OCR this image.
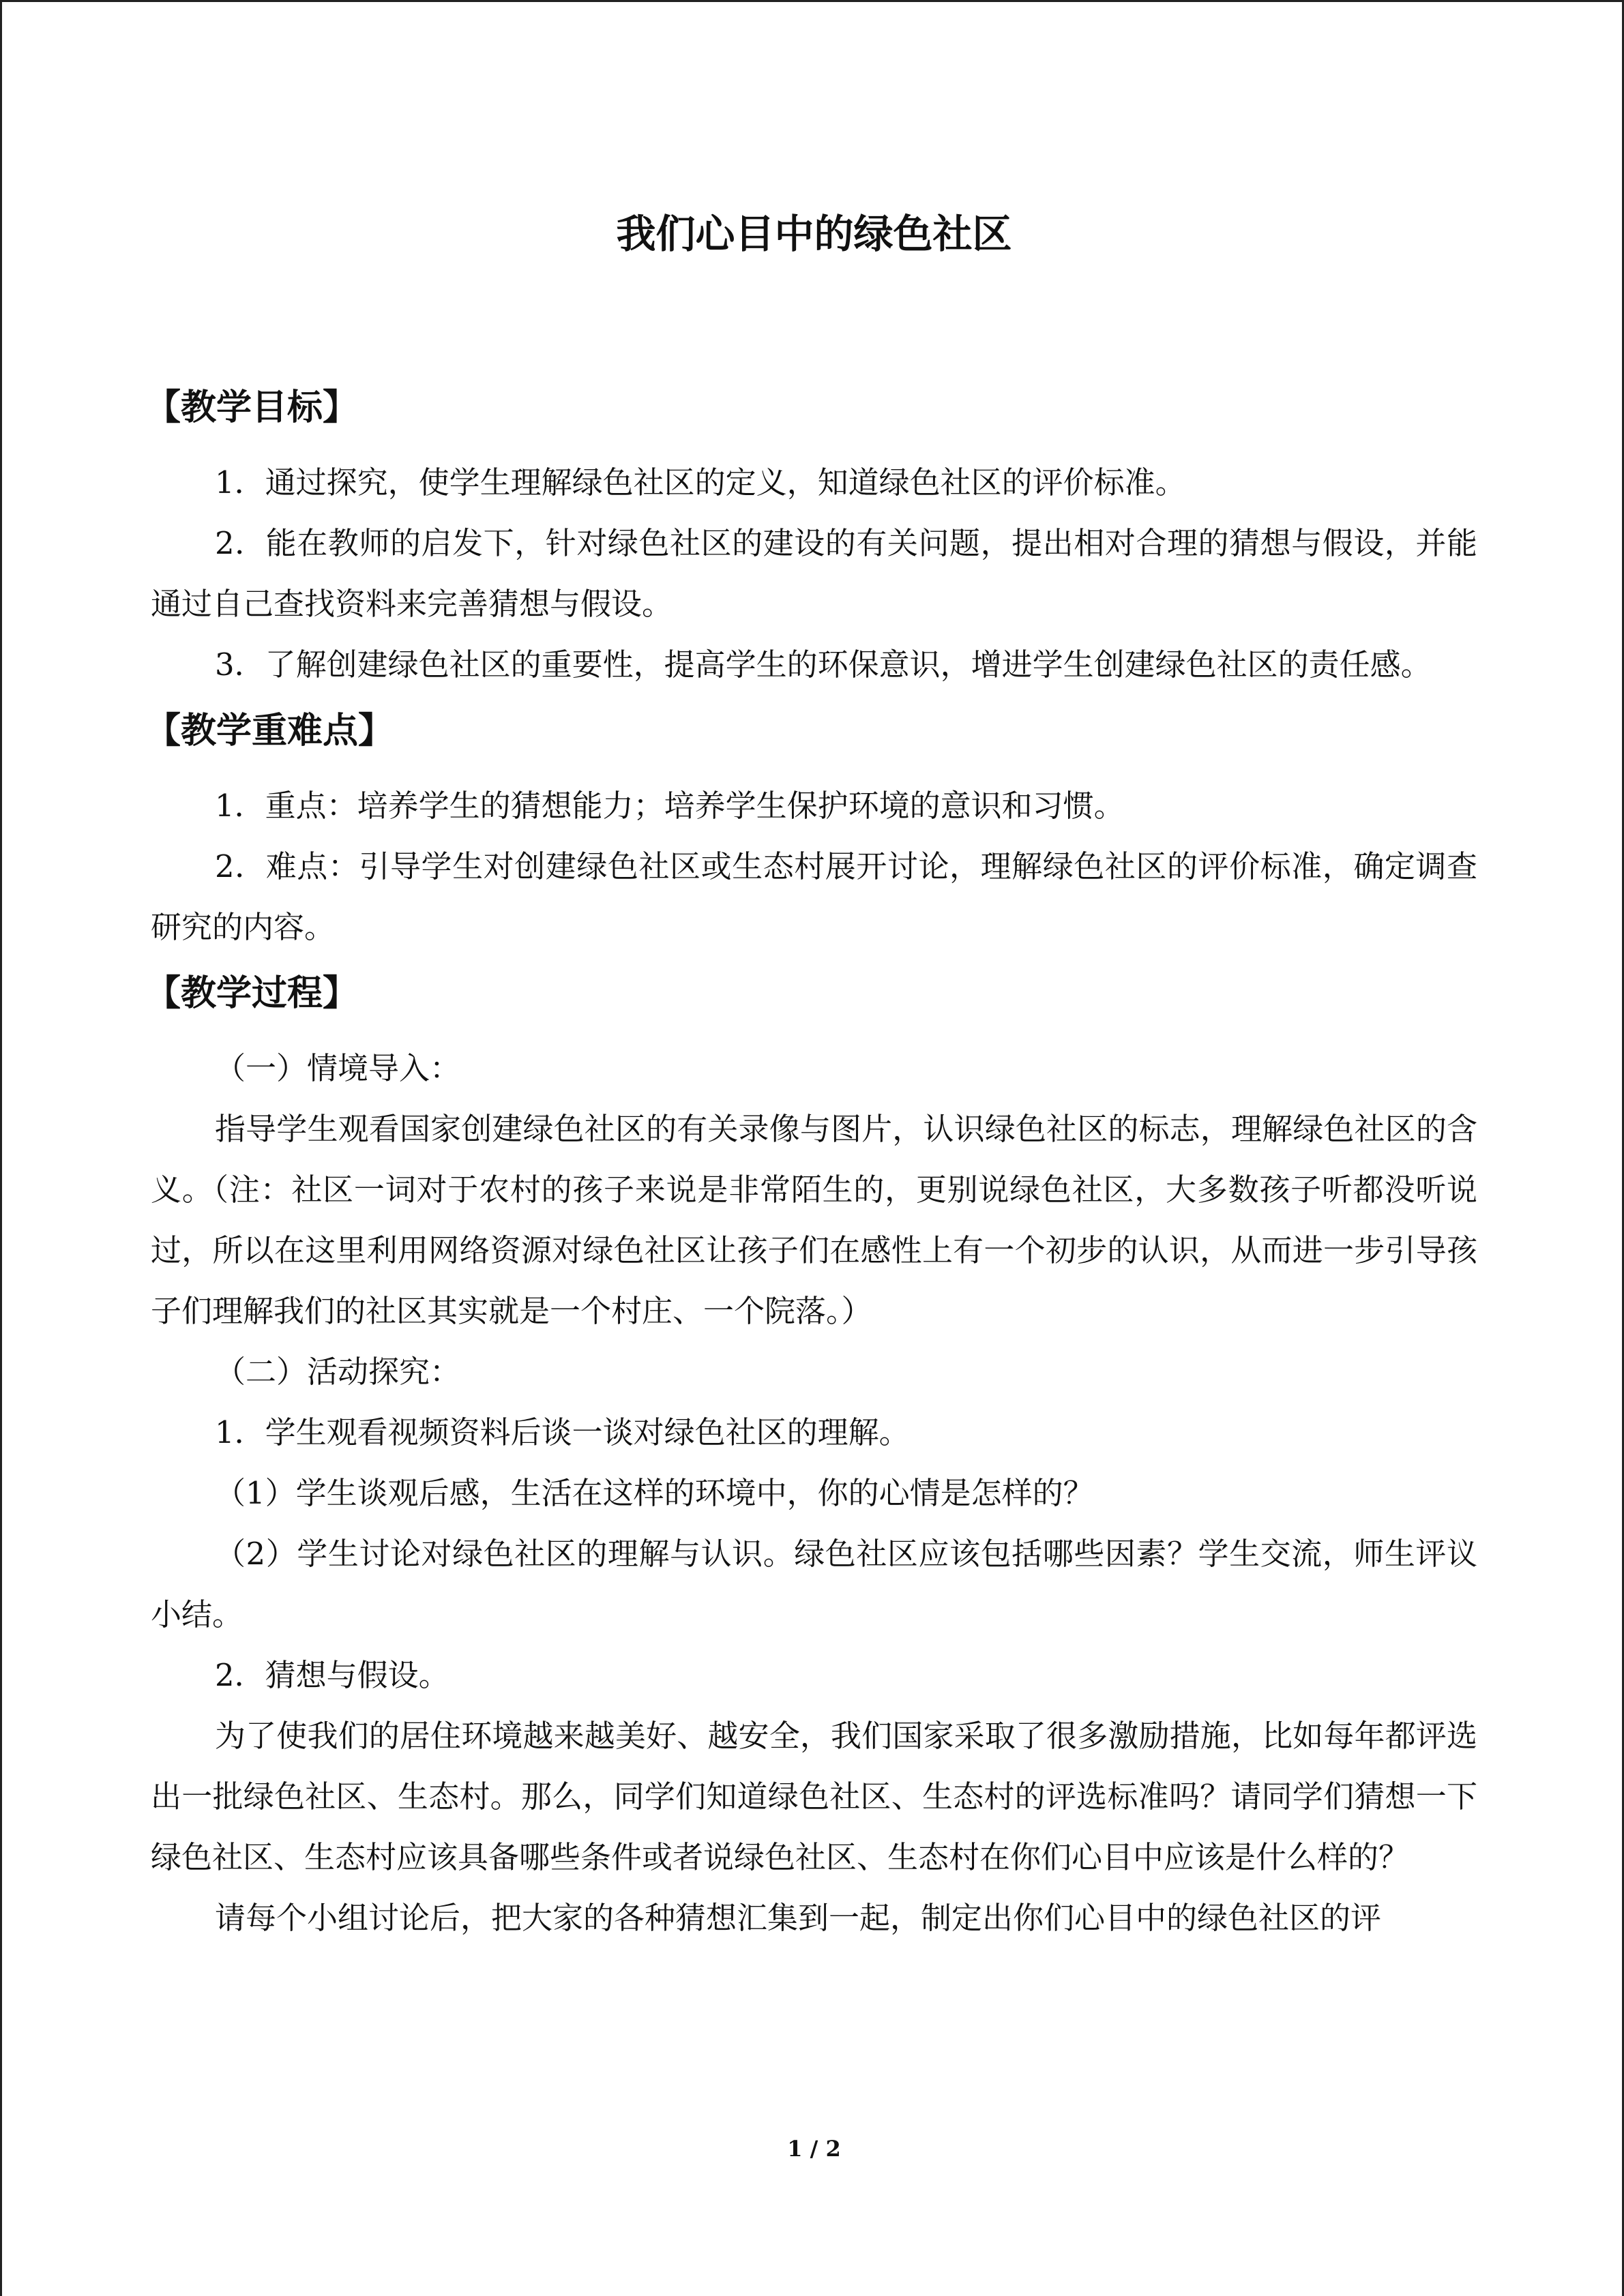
我们心目中的绿色社区
【教学目标】

1．通过探究，使学生理解绿色社区的定义，知道绿色社区的评价标准。

2．能在教师的启发下，针对绿色社区的建设的有关问题，提出相对合理的猜想与假设，并能通过自己查找资料来完善猜想与假设。

3．了解创建绿色社区的重要性，提高学生的环保意识，增进学生创建绿色社区的责任感。

【教学重难点】

1．重点：培养学生的猜想能力；培养学生保护环境的意识和习惯。

2．难点：引导学生对创建绿色社区或生态村展开讨论，理解绿色社区的评价标准，确定调查研究的内容。

【教学过程】

（一）情境导入：

指导学生观看国家创建绿色社区的有关录像与图片，认识绿色社区的标志，理解绿色社区的含义。（注：社区一词对于农村的孩子来说是非常陌生的，更别说绿色社区，大多数孩子听都没听说过，所以在这里利用网络资源对绿色社区让孩子们在感性上有一个初步的认识，从而进一步引导孩子们理解我们的社区其实就是一个村庄、一个院落。）

（二）活动探究：

1．学生观看视频资料后谈一谈对绿色社区的理解。

（1）学生谈观后感，生活在这样的环境中，你的心情是怎样的？

（2）学生讨论对绿色社区的理解与认识。绿色社区应该包括哪些因素？学生交流，师生评议小结。

2．猜想与假设。

为了使我们的居住环境越来越美好、越安全，我们国家采取了很多激励措施，比如每年都评选出一批绿色社区、生态村。那么，同学们知道绿色社区、生态村的评选标准吗？请同学们猜想一下绿色社区、生态村应该具备哪些条件或者说绿色社区、生态村在你们心目中应该是什么样的？

请每个小组讨论后，把大家的各种猜想汇集到一起，制定出你们心目中的绿色社区的评

1 / 2
